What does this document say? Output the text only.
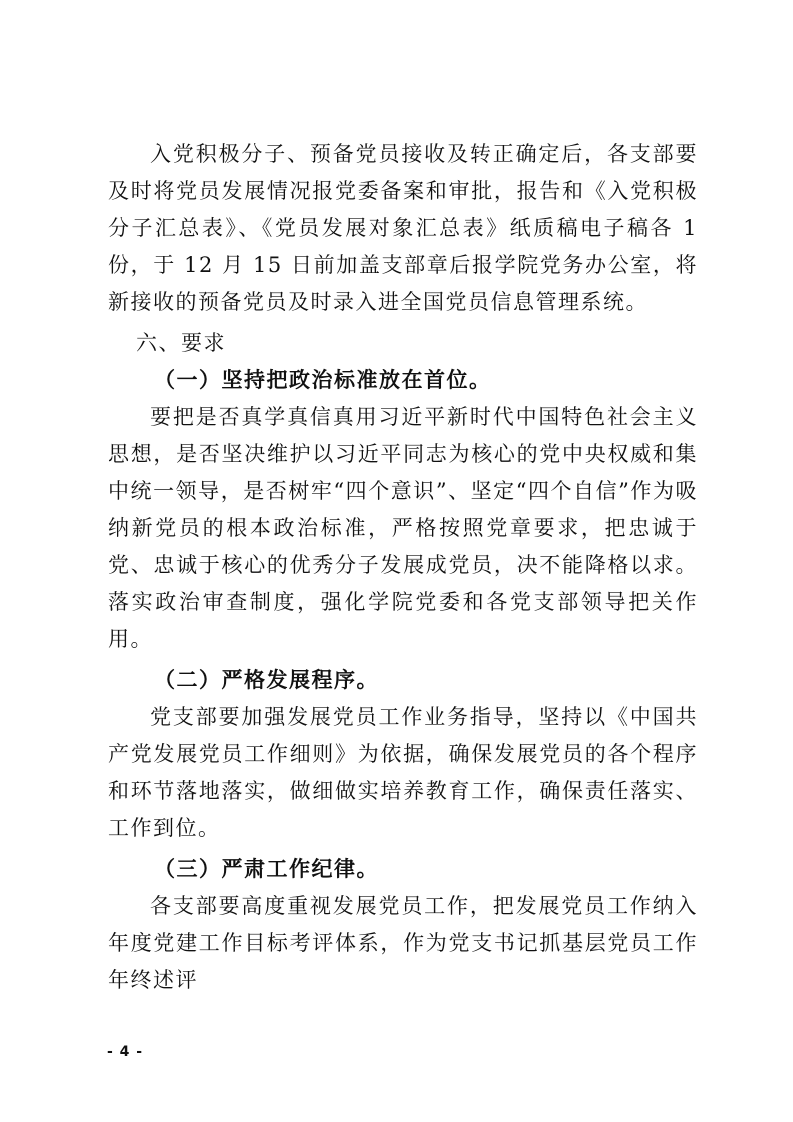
入党积极分子、预备党员接收及转正确定后，各支部要及时将党员发展情况报党委备案和审批，报告和《入党积极分子汇总表》、《党员发展对象汇总表》纸质稿电子稿各 1 份，于 12 月 15 日前加盖支部章后报学院党务办公室，将新接收的预备党员及时录入进全国党员信息管理系统。

六、要求

（一）坚持把政治标准放在首位。

要把是否真学真信真用习近平新时代中国特色社会主义思想，是否坚决维护以习近平同志为核心的党中央权威和集中统一领导，是否树牢“四个意识”、坚定“四个自信”作为吸纳新党员的根本政治标准，严格按照党章要求，把忠诚于党、忠诚于核心的优秀分子发展成党员，决不能降格以求。落实政治审查制度，强化学院党委和各党支部领导把关作用。

（二）严格发展程序。

党支部要加强发展党员工作业务指导，坚持以《中国共产党发展党员工作细则》为依据，确保发展党员的各个程序和环节落地落实，做细做实培养教育工作，确保责任落实、工作到位。

（三）严肃工作纪律。

各支部要高度重视发展党员工作，把发展党员工作纳入年度党建工作目标考评体系，作为党支书记抓基层党员工作年终述评

- 4 -
